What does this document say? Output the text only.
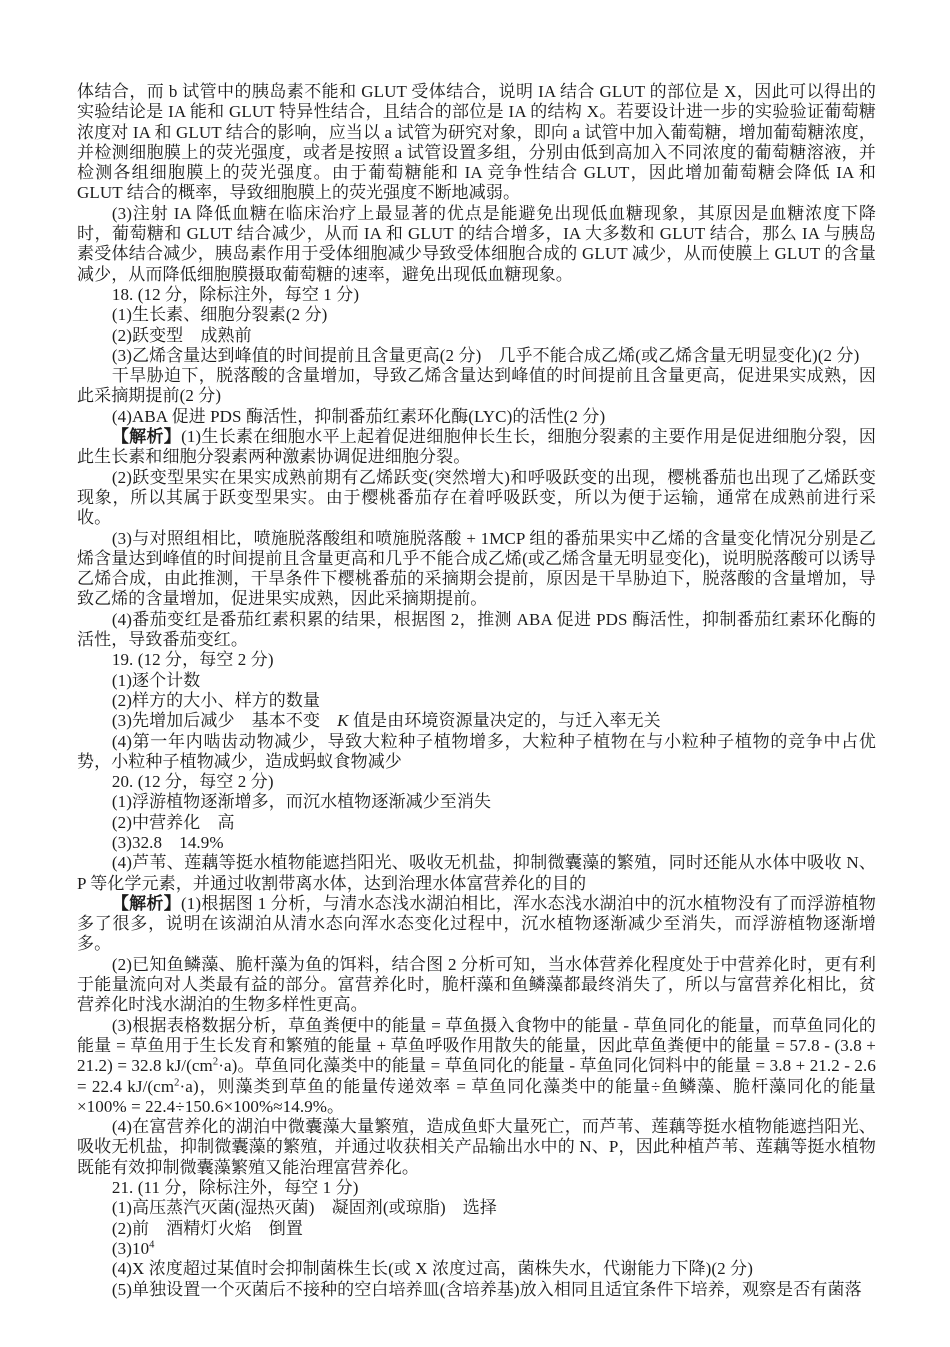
体结合，而 b 试管中的胰岛素不能和 GLUT 受体结合，说明 IA 结合 GLUT 的部位是 X，因此可以得出的实验结论是 IA 能和 GLUT 特异性结合，且结合的部位是 IA 的结构 X。若要设计进一步的实验验证葡萄糖浓度对 IA 和 GLUT 结合的影响，应当以 a 试管为研究对象，即向 a 试管中加入葡萄糖，增加葡萄糖浓度，并检测细胞膜上的荧光强度，或者是按照 a 试管设置多组，分别由低到高加入不同浓度的葡萄糖溶液，并检测各组细胞膜上的荧光强度。由于葡萄糖能和 IA 竞争性结合 GLUT，因此增加葡萄糖会降低 IA 和 GLUT 结合的概率，导致细胞膜上的荧光强度不断地减弱。

(3)注射 IA 降低血糖在临床治疗上最显著的优点是能避免出现低血糖现象，其原因是血糖浓度下降时，葡萄糖和 GLUT 结合减少，从而 IA 和 GLUT 的结合增多，IA 大多数和 GLUT 结合，那么 IA 与胰岛素受体结合减少，胰岛素作用于受体细胞减少导致受体细胞合成的 GLUT 减少，从而使膜上 GLUT 的含量减少，从而降低细胞膜摄取葡萄糖的速率，避免出现低血糖现象。

18. (12 分，除标注外，每空 1 分)

(1)生长素、细胞分裂素(2 分)

(2)跃变型　成熟前

(3)乙烯含量达到峰值的时间提前且含量更高(2 分)　几乎不能合成乙烯(或乙烯含量无明显变化)(2 分)

干旱胁迫下，脱落酸的含量增加，导致乙烯含量达到峰值的时间提前且含量更高，促进果实成熟，因此采摘期提前(2 分)

(4)ABA 促进 PDS 酶活性，抑制番茄红素环化酶(LYC)的活性(2 分)

【解析】(1)生长素在细胞水平上起着促进细胞伸长生长，细胞分裂素的主要作用是促进细胞分裂，因此生长素和细胞分裂素两种激素协调促进细胞分裂。

(2)跃变型果实在果实成熟前期有乙烯跃变(突然增大)和呼吸跃变的出现，樱桃番茄也出现了乙烯跃变现象，所以其属于跃变型果实。由于樱桃番茄存在着呼吸跃变，所以为便于运输，通常在成熟前进行采收。

(3)与对照组相比，喷施脱落酸组和喷施脱落酸 + 1MCP 组的番茄果实中乙烯的含量变化情况分别是乙烯含量达到峰值的时间提前且含量更高和几乎不能合成乙烯(或乙烯含量无明显变化)，说明脱落酸可以诱导乙烯合成，由此推测，干旱条件下樱桃番茄的采摘期会提前，原因是干旱胁迫下，脱落酸的含量增加，导致乙烯的含量增加，促进果实成熟，因此采摘期提前。

(4)番茄变红是番茄红素积累的结果，根据图 2，推测 ABA 促进 PDS 酶活性，抑制番茄红素环化酶的活性，导致番茄变红。

19. (12 分，每空 2 分)

(1)逐个计数

(2)样方的大小、样方的数量

(3)先增加后减少　基本不变　K 值是由环境资源量决定的，与迁入率无关

(4)第一年内啮齿动物减少，导致大粒种子植物增多，大粒种子植物在与小粒种子植物的竞争中占优势，小粒种子植物减少，造成蚂蚁食物减少

20. (12 分，每空 2 分)

(1)浮游植物逐渐增多，而沉水植物逐渐减少至消失

(2)中营养化　高

(3)32.8　14.9%

(4)芦苇、莲藕等挺水植物能遮挡阳光、吸收无机盐，抑制微囊藻的繁殖，同时还能从水体中吸收 N、P 等化学元素，并通过收割带离水体，达到治理水体富营养化的目的

【解析】(1)根据图 1 分析，与清水态浅水湖泊相比，浑水态浅水湖泊中的沉水植物没有了而浮游植物多了很多，说明在该湖泊从清水态向浑水态变化过程中，沉水植物逐渐减少至消失，而浮游植物逐渐增多。

(2)已知鱼鳞藻、脆杆藻为鱼的饵料，结合图 2 分析可知，当水体营养化程度处于中营养化时，更有利于能量流向对人类最有益的部分。富营养化时，脆杆藻和鱼鳞藻都最终消失了，所以与富营养化相比，贫营养化时浅水湖泊的生物多样性更高。

(3)根据表格数据分析，草鱼粪便中的能量 = 草鱼摄入食物中的能量 - 草鱼同化的能量，而草鱼同化的能量 = 草鱼用于生长发育和繁殖的能量 + 草鱼呼吸作用散失的能量，因此草鱼粪便中的能量 = 57.8 - (3.8 + 21.2) = 32.8 $kJ/(cm^2\cdot a)$。草鱼同化藻类中的能量 = 草鱼同化的能量 - 草鱼同化饲料中的能量 = 3.8 + 21.2 - 2.6 = 22.4 $kJ/(cm^2\cdot a)$，则藻类到草鱼的能量传递效率 = 草鱼同化藻类中的能量÷鱼鳞藻、脆杆藻同化的能量×100% = 22.4÷150.6×100%≈14.9%。

(4)在富营养化的湖泊中微囊藻大量繁殖，造成鱼虾大量死亡，而芦苇、莲藕等挺水植物能遮挡阳光、吸收无机盐，抑制微囊藻的繁殖，并通过收获相关产品输出水中的 N、P，因此种植芦苇、莲藕等挺水植物既能有效抑制微囊藻繁殖又能治理富营养化。

21. (11 分，除标注外，每空 1 分)

(1)高压蒸汽灭菌(湿热灭菌)　凝固剂(或琼脂)　选择

(2)前　酒精灯火焰　倒置

$(3)10^4$

(4)X 浓度超过某值时会抑制菌株生长(或 X 浓度过高，菌株失水，代谢能力下降)(2 分)

(5)单独设置一个灭菌后不接种的空白培养皿(含培养基)放入相同且适宜条件下培养，观察是否有菌落
